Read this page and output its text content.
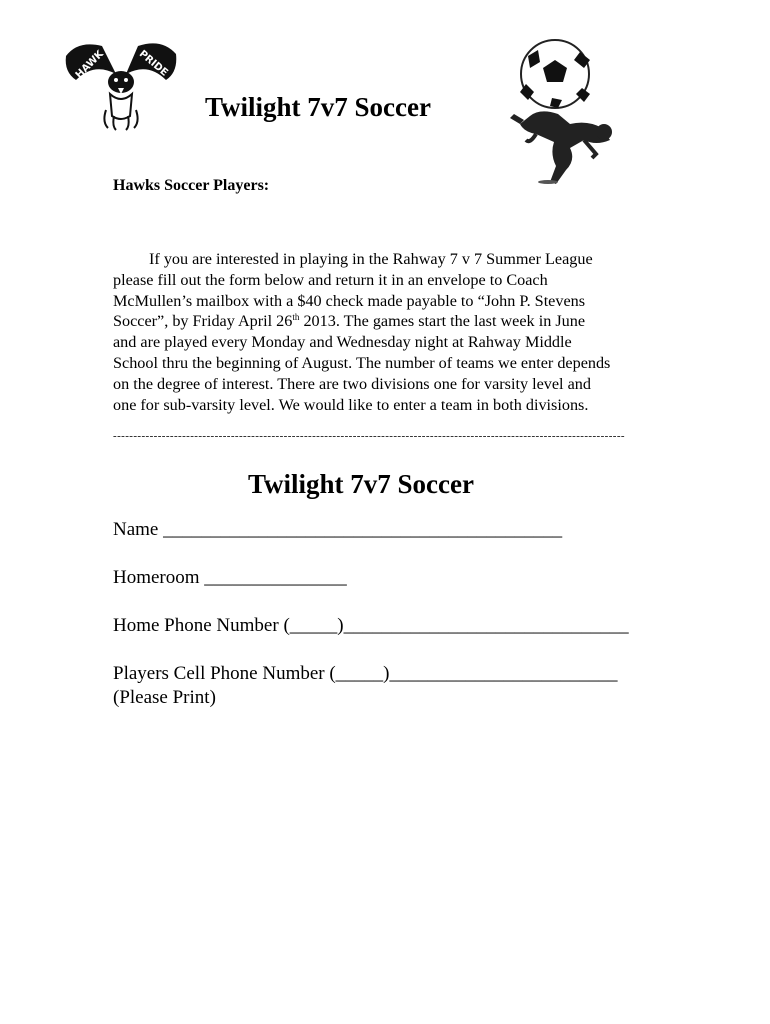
HAWK	PRIDE
Twilight 7v7 Soccer
Hawks Soccer Players:
If you are interested in playing in the Rahway 7 v 7 Summer League
please fill out the form below and return it in an envelope to Coach
McMullen’s mailbox with a $40 check made payable to “John P. Stevens
Soccer”, by Friday April 26th 2013. The games start the last week in June
and are played every Monday and Wednesday night at Rahway Middle
School thru the beginning of August. The number of teams we enter depends
on the degree of interest. There are two divisions one for varsity level and
one for sub-varsity level. We would like to enter a team in both divisions.
------------------------------------------------------------------------------------------------------------------------------
Twilight 7v7 Soccer
Name __________________________________________
Homeroom _______________
Home Phone Number (_____)______________________________
Players Cell Phone Number (_____)________________________
(Please Print)
